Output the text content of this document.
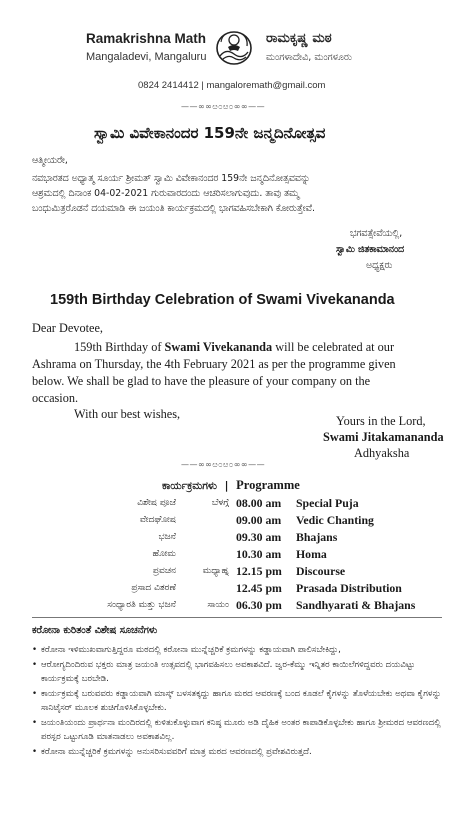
Ramakrishna Math
Mangaladevi, Mangaluru
ರಾಮಕೃಷ್ಣ ಮಠ
ಮಂಗಳಾದೇವಿ, ಮಂಗಳೂರು
0824 2414412 | mangaloremath@gmail.com
——∞∞ೞ೦ೞ೦∞∞——
ಸ್ವಾಮಿ ವಿವೇಕಾನಂದರ 159ನೇ ಜನ್ಮದಿನೋತ್ಸವ
ಆತ್ಮೀಯರೇ,
ನವಭಾರತದ ಅಧ್ಯಾತ್ಮ ಸೂರ್ಯ ಶ್ರೀಮತ್ ಸ್ವಾಮಿ ವಿವೇಕಾನಂದರ 159ನೇ ಜನ್ಮದಿನೋತ್ಸವವನ್ನು
ಆಶ್ರಮದಲ್ಲಿ ದಿನಾಂಕ 04-02-2021 ಗುರುವಾರದಂದು ಆಚರಿಸಲಾಗುವುದು. ತಾವು ತಮ್ಮ
ಬಂಧುಮಿತ್ರರೊಡನೆ ದಯಮಾಡಿ ಈ ಜಯಂತಿ ಕಾರ್ಯಕ್ರಮದಲ್ಲಿ ಭಾಗವಹಿಸಬೇಕಾಗಿ ಕೋರುತ್ತೇವೆ.
ಭಗವತ್ಸೇವೆಯಲ್ಲಿ,
ಸ್ವಾಮಿ ಜಿತಕಾಮಾನಂದ
ಅಧ್ಯಕ್ಷರು
159th Birthday Celebration of Swami Vivekananda
Dear Devotee,
159th Birthday of Swami Vivekananda will be celebrated at our
Ashrama on Thursday, the 4th February 2021 as per the programme given
below. We shall be glad to have the pleasure of your company on the
occasion.
With our best wishes,	Yours in the Lord,
Swami Jitakamananda
Adhyaksha
——∞∞ೞ೦ೞ೦∞∞——
ಕಾರ್ಯಕ್ರಮಗಳು | Programme
ವಿಶೇಷ ಪೂಜೆ	ಬೆಳಗ್ಗೆ 08.00 am Special Puja
ವೇದಘೋಷ	09.00 am Vedic Chanting
ಭಜನೆ	09.30 am Bhajans
ಹೋಮ	10.30 am Homa
ಪ್ರವಚನ	ಮಧ್ಯಾಹ್ನ 12.15 pm Discourse
ಪ್ರಸಾದ ವಿತರಣೆ	12.45 pm Prasada Distribution
ಸಂಧ್ಯಾರತಿ ಮತ್ತು ಭಜನೆ	ಸಾಯಂ 06.30 pm Sandhyarati & Bhajans
ಕರೋನಾ ಕುರಿತಂತೆ ವಿಶೇಷ ಸೂಚನೆಗಳು
• ಕರೋನಾ ಇಳಿಮುಖವಾಗುತ್ತಿದ್ದರೂ ಮಠದಲ್ಲಿ ಕರೋನಾ ಮುನ್ನೆಚ್ಚರಿಕೆ ಕ್ರಮಗಳನ್ನು ಕಡ್ಡಾಯವಾಗಿ ಪಾಲಿಸಬೇಕಿದ್ದು,
• ಆರೋಗ್ಯದಿಂದಿರುವ ಭಕ್ತರು ಮಾತ್ರ ಜಯಂತಿ ಉತ್ಸವದಲ್ಲಿ ಭಾಗವಹಿಸಲು ಅವಕಾಶವಿದೆ. ಜ್ವರ-ಕೆಮ್ಮು ಇನ್ನಿತರ ಕಾಯಿಲೆಗಳಿದ್ದವರು ದಯವಿಟ್ಟು ಕಾರ್ಯಕ್ರಮಕ್ಕೆ ಬರಬೇಡಿ.
• ಕಾರ್ಯಕ್ರಮಕ್ಕೆ ಬರುವವರು ಕಡ್ಡಾಯವಾಗಿ ಮಾಸ್ಕ್ ಬಳಸತಕ್ಕದ್ದು ಹಾಗೂ ಮಠದ ಆವರಣಕ್ಕೆ ಬಂದ ಕೂಡಲೆ ಕೈಗಳನ್ನು ತೊಳೆಯಬೇಕು ಅಥವಾ ಕೈಗಳನ್ನು ಸಾನಿಟೈಸರ್ ಮೂಲಕ ಶುಚಿಗೊಳಿಸಿಕೊಳ್ಳಬೇಕು.
• ಜಯಂತಿಯಂದು ಪ್ರಾರ್ಥನಾ ಮಂದಿರದಲ್ಲಿ ಕುಳಿತುಕೊಳ್ಳುವಾಗ ಕನಿಷ್ಠ ಮೂರು ಅಡಿ ದೈಹಿಕ ಅಂತರ ಕಾಪಾಡಿಕೊಳ್ಳಬೇಕು ಹಾಗೂ ಶ್ರೀಮಠದ ಆವರಣದಲ್ಲಿ ಪರಸ್ಪರ ಒಟ್ಟುಗೂಡಿ ಮಾತನಾಡಲು ಅವಕಾಶವಿಲ್ಲ.
• ಕರೋನಾ ಮುನ್ನೆಚ್ಚರಿಕೆ ಕ್ರಮಗಳನ್ನು ಅನುಸರಿಸುವವರಿಗೆ ಮಾತ್ರ ಮಠದ ಆವರಣದಲ್ಲಿ ಪ್ರವೇಶವಿರುತ್ತದೆ.
